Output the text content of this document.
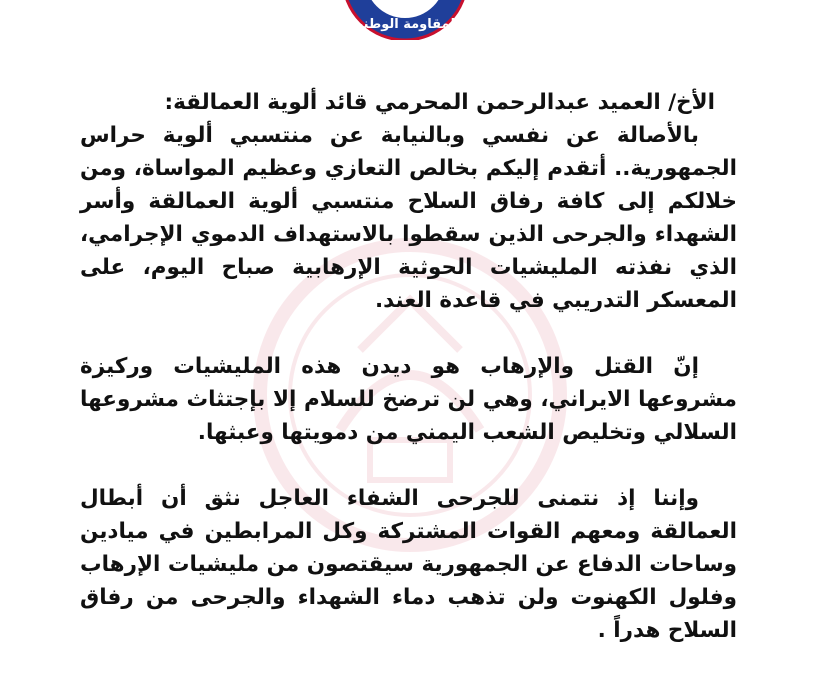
المقاومة الوطنية

الأخ/ العميد عبدالرحمن المحرمي قائد ألوية العمالقة:

بالأصالة عن نفسي وبالنيابة عن منتسبي ألوية حراس الجمهورية.. أتقدم إليكم بخالص التعازي وعظيم المواساة، ومن خلالكم إلى كافة رفاق السلاح منتسبي ألوية العمالقة وأسر الشهداء والجرحى الذين سقطوا بالاستهداف الدموي الإجرامي، الذي نفذته المليشيات الحوثية الإرهابية صباح اليوم، على المعسكر التدريبي في قاعدة العند.

إنّ القتل والإرهاب هو ديدن هذه المليشيات وركيزة مشروعها الايراني، وهي لن ترضخ للسلام إلا بإجتثاث مشروعها السلالي وتخليص الشعب اليمني من دمويتها وعبثها.

وإننا إذ نتمنى للجرحى الشفاء العاجل نثق أن أبطال العمالقة ومعهم القوات المشتركة وكل المرابطين في ميادين وساحات الدفاع عن الجمهورية سيقتصون من مليشيات الإرهاب وفلول الكهنوت ولن تذهب دماء الشهداء والجرحى من رفاق السلاح هدراً .
